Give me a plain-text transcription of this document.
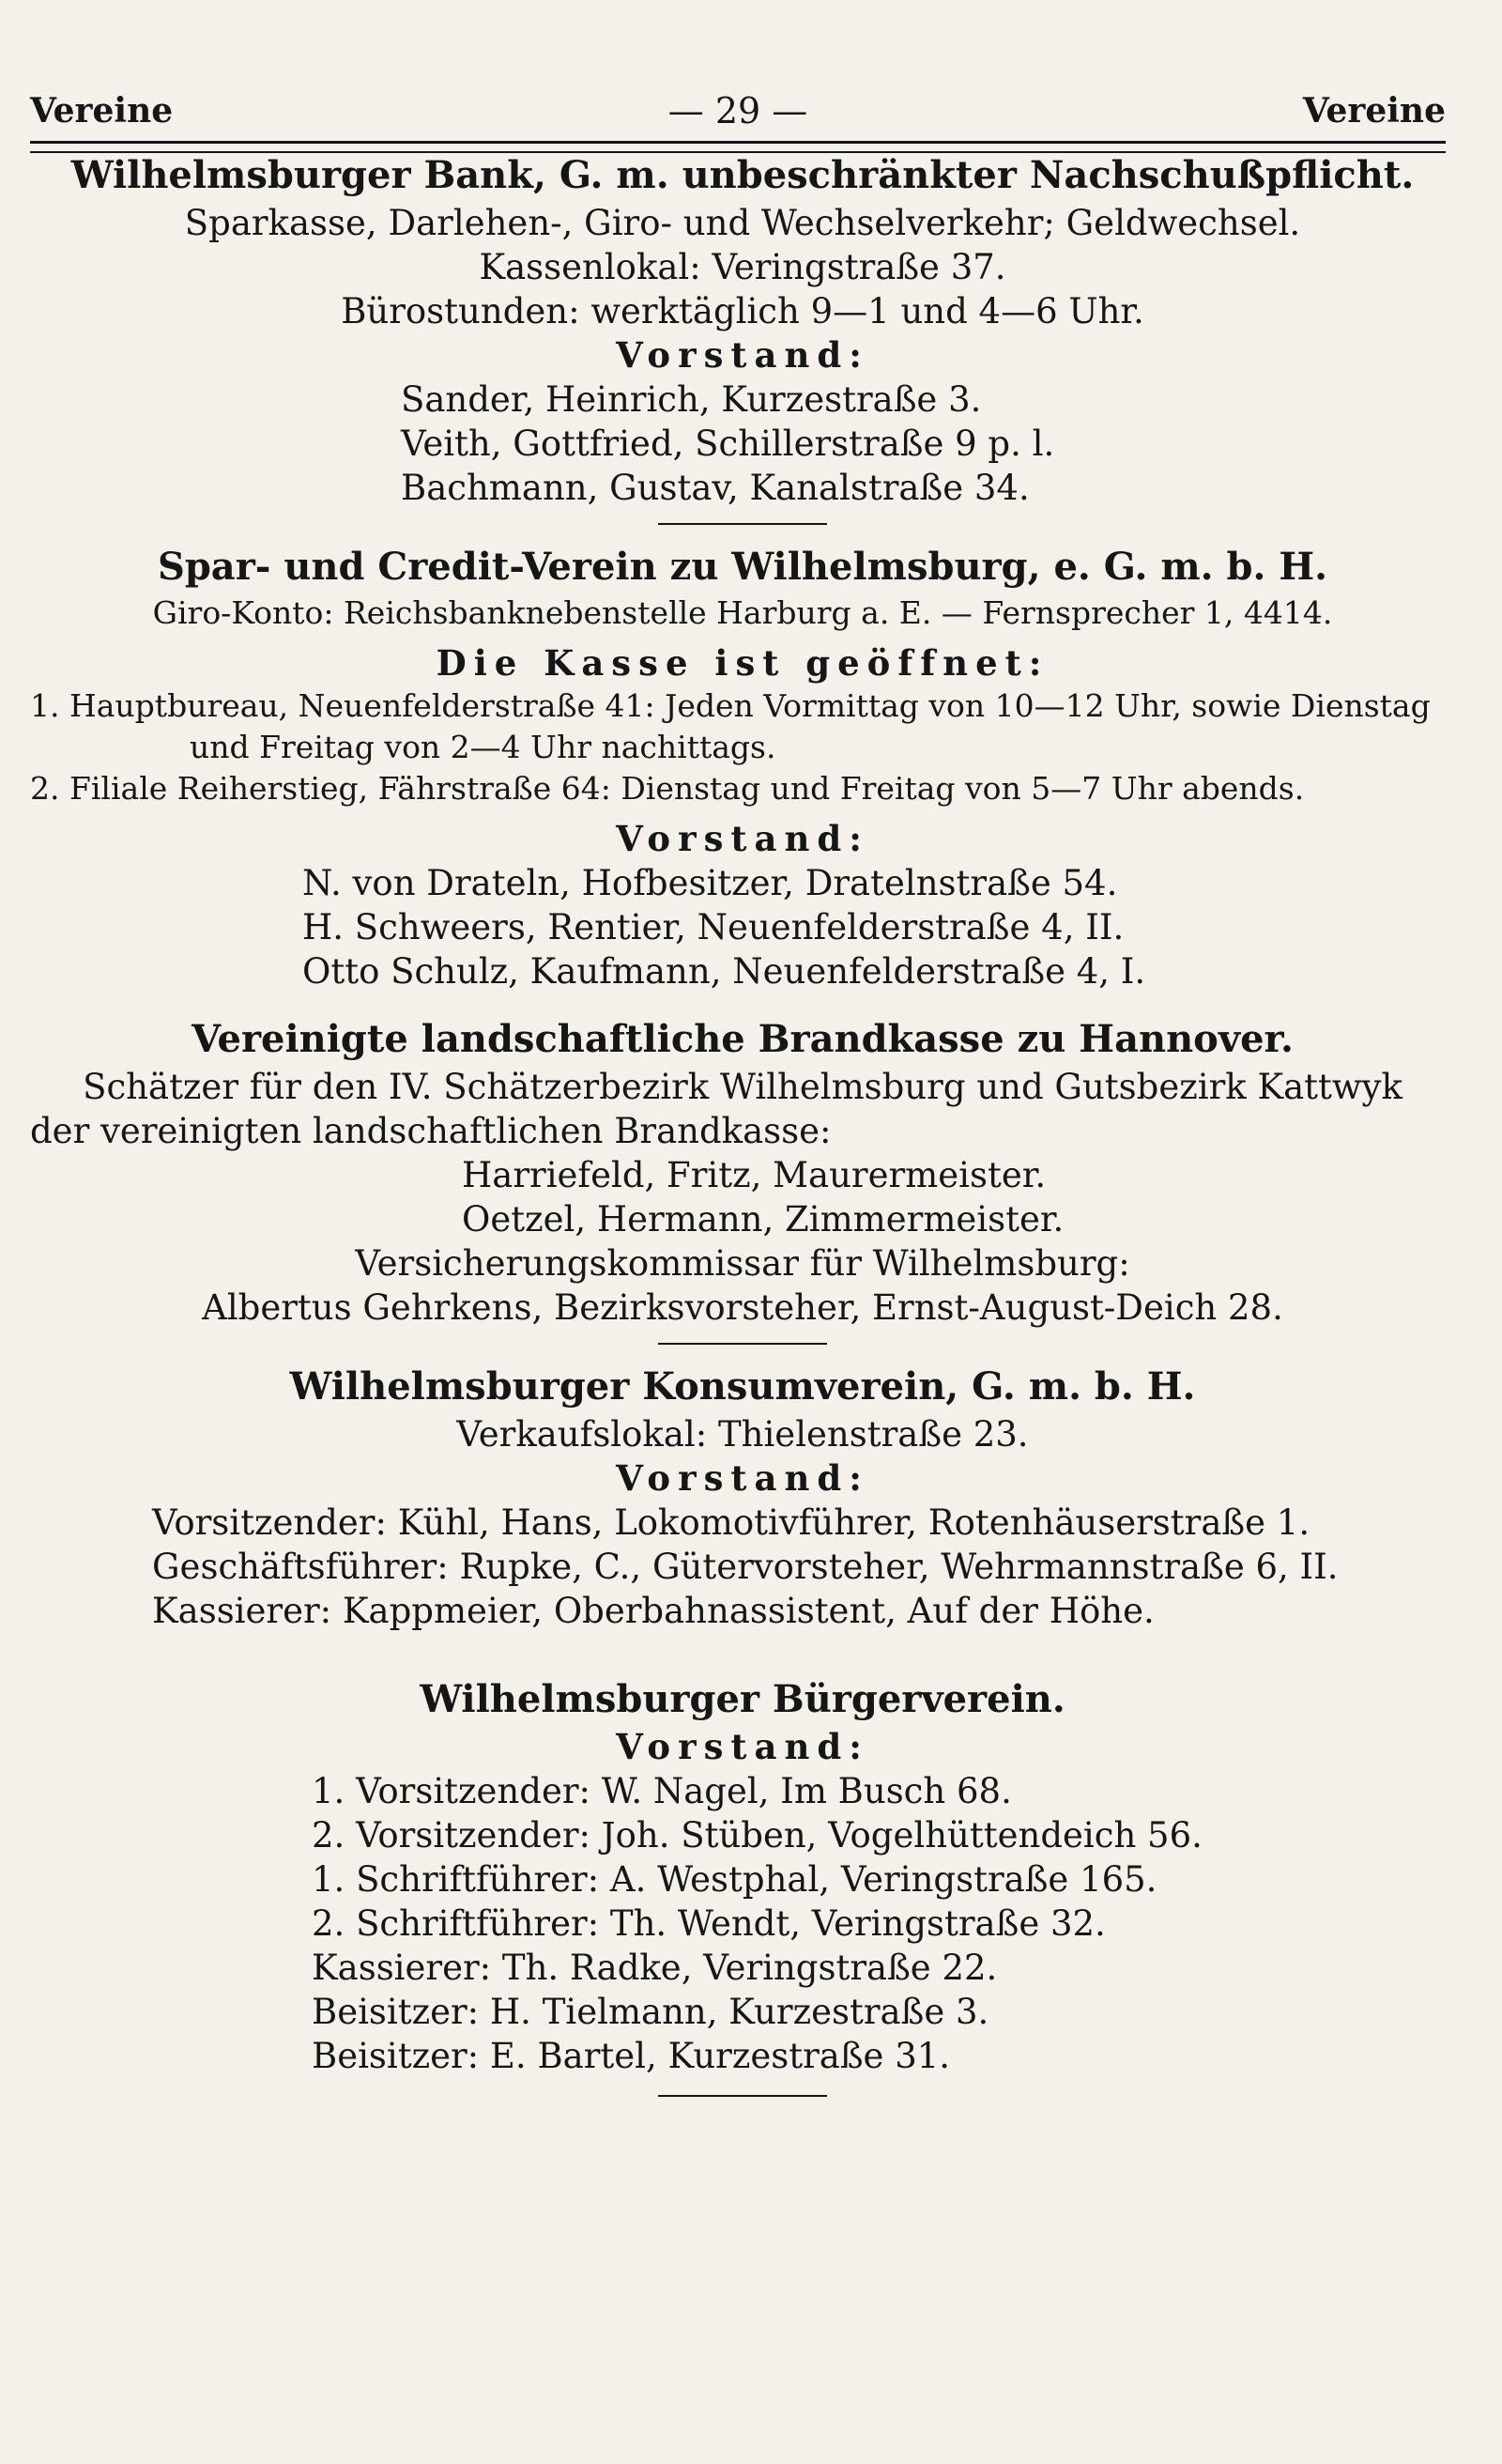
Vereine	— 29 —	Vereine
Wilhelmsburger Bank, G. m. unbeschränkter Nachschußpflicht.
Sparkasse, Darlehen-, Giro- und Wechselverkehr; Geldwechsel.
Kassenlokal: Veringstraße 37.
Bürostunden: werktäglich 9—1 und 4—6 Uhr.
Vorstand:
Sander, Heinrich, Kurzestraße 3.
Veith, Gottfried, Schillerstraße 9 p. l.
Bachmann, Gustav, Kanalstraße 34.
Spar- und Credit-Verein zu Wilhelmsburg, e. G. m. b. H.
Giro-Konto: Reichsbanknebenstelle Harburg a. E. — Fernsprecher 1, 4414.
Die Kasse ist geöffnet:
1. Hauptbureau, Neuenfelderstraße 41: Jeden Vormittag von 10—12 Uhr, sowie Dienstag und Freitag von 2—4 Uhr nachittags.
2. Filiale Reiherstieg, Fährstraße 64: Dienstag und Freitag von 5—7 Uhr abends.
Vorstand:
N. von Drateln, Hofbesitzer, Dratelnstraße 54.
H. Schweers, Rentier, Neuenfelderstraße 4, II.
Otto Schulz, Kaufmann, Neuenfelderstraße 4, I.
Vereinigte landschaftliche Brandkasse zu Hannover.
Schätzer für den IV. Schätzerbezirk Wilhelmsburg und Gutsbezirk Kattwyk
der vereinigten landschaftlichen Brandkasse:
Harriefeld, Fritz, Maurermeister.
Oetzel, Hermann, Zimmermeister.
Versicherungskommissar für Wilhelmsburg:
Albertus Gehrkens, Bezirksvorsteher, Ernst-August-Deich 28.
Wilhelmsburger Konsumverein, G. m. b. H.
Verkaufslokal: Thielenstraße 23.
Vorstand:
Vorsitzender: Kühl, Hans, Lokomotivführer, Rotenhäuserstraße 1.
Geschäftsführer: Rupke, C., Gütervorsteher, Wehrmannstraße 6, II.
Kassierer: Kappmeier, Oberbahnassistent, Auf der Höhe.
Wilhelmsburger Bürgerverein.
Vorstand:
1. Vorsitzender: W. Nagel, Im Busch 68.
2. Vorsitzender: Joh. Stüben, Vogelhüttendeich 56.
1. Schriftführer: A. Westphal, Veringstraße 165.
2. Schriftführer: Th. Wendt, Veringstraße 32.
Kassierer: Th. Radke, Veringstraße 22.
Beisitzer: H. Tielmann, Kurzestraße 3.
Beisitzer: E. Bartel, Kurzestraße 31.
